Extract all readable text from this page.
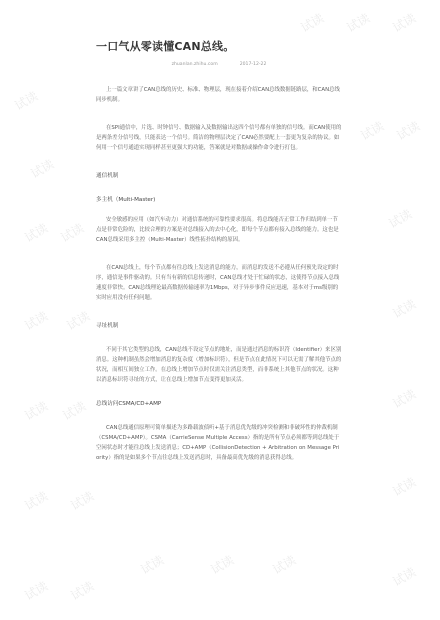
试读 试读 试读
试读
试读
试读 试读
试读 试读
试读
试读 试读	试读
试读 试读	试读
试读 试读
试读
试读	试读	试读
试读 试读
试读
一口气从零读懂CAN总线。
zhuanlan.zhihu.com	2017-12-22

上一篇文章讲了CAN总线的历史、标准、物理层，现在接着介绍CAN总线数据链路层，和CAN总线同步机制。

在SPI通信中，片选、时钟信号、数据输入及数据输出这四个信号都有单独的信号线。而CAN使用的是两条差分信号线，只能表达一个信号。简洁的物理层决定了CAN必然要配上一套更为复杂的协议。如何用一个信号通道实现同样甚至更强大的功能，答案就是对数据或操作命令进行打包。

通信机制

多主机（Multi-Master)

安全敏感的应用（如汽车动力）对通信系统的可靠性要求很高。将总线能否正常工作归结到单一节点是非常危险的，比较合理的方案是对总线接入的去中心化，即每个节点都有接入总线的能力。这也是CAN总线采用多主控（Multi-Master）线性拓扑结构的原因。

在CAN总线上，每个节点都有往总线上发送消息的能力，而消息的发送不必遵从任何预先设定的时序，通信是事件驱动的。只有当有新的信息传递时，CAN总线才处于忙碌的状态，这使得节点接入总线速度非常快。CAN总线理论最高数据传输速率为1Mbps，对于异步事件反应迅速，基本对于ms级别的实时应用没有任何问题。

寻址机制

不同于其它类型的总线，CAN总线不设定节点的地址，而是通过消息的标识符（Identifier）来区别消息。这种机制虽然会增加消息的复杂度（增加标识符），但是节点在此情况下可以无需了解其他节点的状况，而相互间独立工作。在总线上增加节点时仅需关注消息类型，而非系统上其他节点的状况。这种以消息标识符寻址的方式，让在总线上增加节点变得更加灵活。

总线访问CSMA/CD+AMP

CAN总线通信原理可简单描述为多路载波侦听+基于消息优先级的冲突检测和非破坏性的仲裁机制（CSMA/CD+AMP）。CSMA（CarrieSense Multiple Access）指的是所有节点必须都等到总线处于空闲状态时才能往总线上发送消息；CD+AMP（CollisionDetection + Arbitration on Message Priority）指的是如果多个节点往总线上发送消息时，具备最高优先级的消息获得总线。
